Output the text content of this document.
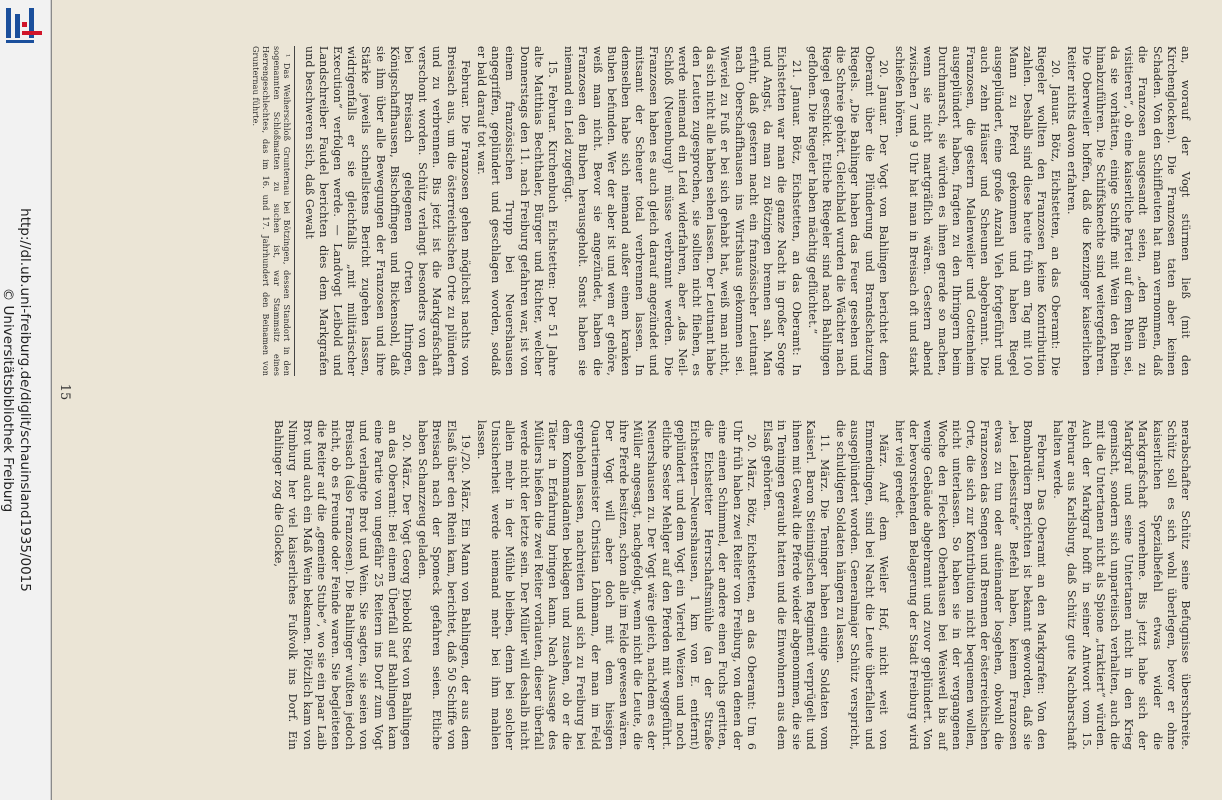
http://dl.ub.uni-freiburg.de/diglit/schauinsland1935/0015
© Universitätsbibliothek Freiburg

an, worauf der Vogt stürmen ließ (mit den Kirchenglocken). Die Franzosen taten aber keinen Schaden. Von den Schiffleuten hat man vernommen, daß die Franzosen ausgesandt seien, „den Rhein zu visitieren“, ob eine kaiserliche Partei auf dem Rhein sei, da sie vorhätten, einige Schiffe mit Wein den Rhein hinabzuführen. Die Schiffsknechte sind weitergefahren. Die Oberweiler hoffen, daß die Kenzinger kaiserlichen Reiter nichts davon erfahren.

20. Januar. Bötz, Eichstetten, an das Oberamt: Die Riegeler wollten den Franzosen keine Kontribution zahlen. Deshalb sind diese heute früh am Tag mit 100 Mann zu Pferd gekommen und haben Riegel ausgeplündert, eine große Anzahl Vieh fortgeführt und auch zehn Häuser und Scheunen abgebrannt. Die Franzosen, die gestern Malenweiler und Gottenheim ausgeplündert haben, fragten zu den Ihringern beim Durchmarsch, sie würden es ihnen gerade so machen, wenn sie nicht martgräflich wären. Gestern abend zwischen 7 und 9 Uhr hat man in Breisach oft und stark schießen hören.

20. Januar. Der Vogt von Bahlingen berichtet dem Oberamt über die Plünderung und Brandschatzung Riegels. „Die Bahlinger haben das Feuer gesehen und die Schreie gehört. Gleichbald wurden die Wächter nach Riegel geschickt. Etliche Riegeler sind nach Bahlingen geflohen. Die Riegeler haben mächtig geflüchtet.“

21. Januar. Bötz, Eichstetten, an das Oberamt: In Eichstetten war man die ganze Nacht in großer Sorge und Angst, da man zu Bötzingen brennen sah. Man erfuhr, daß gestern nacht ein französischer Leutnant nach Oberschaffhausen ins Wirtshaus gekommen sei. Wieviel zu Fuß er bei sich gehabt hat, weiß man nicht, da sich nicht alle haben sehen lassen. Der Leutnant habe den Leuten zugesprochen, sie sollten nicht fliehen, es werde niemand ein Leid widerfahren, aber „das Neil-Schloß (Neuenburg)¹ müsse verbrannt werden. Die Franzosen haben es auch gleich darauf angezündet und mitsamt der Scheuer total verbrennen lassen. In demselben habe sich niemand außer einem kranken Buben befunden. Wer der aber ist und wem er gehöre, weiß man nicht. Bevor sie angezündet, haben die Franzosen den Buben herausgeholt. Sonst haben sie niemand ein Leid zugefügt.

15. Februar. Kirchenbuch Eichstetten: Der 51 Jahre alte Matthias Bechthaler, Bürger und Richter, welcher Donnerstags den 11. nach Freiburg gefahren war, ist von einem französischen Trupp bei Neuershausen angegriffen, geplündert und geschlagen worden, sodaß er bald darauf tot war.

Februar. Die Franzosen gehen möglichst nachts von Breisach aus, um die österreichischen Orte zu plündern und zu verbrennen. Bis jetzt ist die Markgrafschaft verschont worden. Schütz verlangt besonders von den bei Breisach gelegenen Orten Ihringen, Königschaffhausen, Bischoffingen und Bickensohl, daß sie ihm über alle Bewegungen der Franzosen und ihre Stärke jeweils schnellstens Bericht zugehen lassen, widrigenfalls er sie gleichfalls „mit militärischer Execution“ verfolgen werde. — Landvogt Leibold und Landschreiber Faudel berichten dies dem Markgrafen und beschweren sich, daß Gewalt

¹ Das Weiherschloß Grunternau bei Bötzingen, dessen Standort in den sogenannten Schloßmatten zu suchen ist, war Stammsitz eines Herrengeschlechtes, das im 16. und 17. Jahrhundert den Beinamen von Grunternau führte.

nerabschafter Schütz seine Befugnisse überschreite. Schütz soll es sich wohl überlegen, bevor er ohne kaiserlichen Spezialbefehl etwas wider die Markgrafschaft vornehme. Bis jetzt habe sich der Markgraf und seine Untertanen nicht in den Krieg gemischt, sondern sich unparteiisch verhalten, auch die mit die Untertanen nicht als Spione „traktiert“ würden. Auch der Markgraf hofft in seiner Antwort vom 15. Februar aus Karlsburg, daß Schütz gute Nachbarschaft halten werde.

Februar. Das Oberamt an den Markgrafen: Von den Bombardiern Berichten ist bekannt geworden, daß sie „bei Leibesstrafe“ Befehl haben, keinem Franzosen etwas zu tun oder aufeinander losgehen, obwohl die Franzosen das Sengen und Brennen der österreichischen Orte, die sich zur Kontribution nicht bequemen wollen, nicht unterlassen. So haben sie in der vergangenen Woche den Flecken Oberhausen bei Weisweil bis auf wenige Gebäude abgebrannt und zuvor geplündert. Von der bevorstehenden Belagerung der Stadt Freiburg wird hier viel geredet.

März. Auf dem Weiler Hof, nicht weit von Emmendingen, sind bei Nacht die Leute überfallen und ausgeplündert worden. Generalmajor Schütz verspricht, die schuldigen Soldaten hängen zu lassen.

11. März. Die Teninger haben einige Soldaten vom Kaiserl. Baron Steiningischen Regiment verprügelt und ihnen mit Gewalt die Pferde wieder abgenommen, die sie in Teningen geraubt hatten und die Einwohnern aus dem Elsaß gehörten.

20. März. Bötz, Eichstetten, an das Oberamt: Um 6 Uhr früh haben zwei Reiter von Freiburg, von denen der eine einen Schimmel, der andere einen Fuchs geritten, die Eichstetter Herrschaftsmühle (an der Straße Eichstetten—Neuershausen, 1 km von E. entfernt) geplündert und dem Vogt ein Viertel Weizen und noch etliche Sester Mehlger auf den Pferden mit weggeführt. Neuershausen zu. Der Vogt wäre gleich, nachdem es der Müller angesagt, nachgefolgt, wenn nicht die Leute, die ihre Pferde besitzen, schon alle im Felde gewesen wären. Der Vogt will aber doch mit dem hiesigen Quartiermeister Christian Löhmann, der man im Feld ergeholen lassen, nachreiten und sich zu Freiburg bei dem Kommandanten beklagen und zusehen, ob er die Täter in Erfahrung bringen kann. Nach Aussage des Müllers hießen die zwei Reiter vorlauten, dieser überfall werde nicht der letzte sein. Der Müller will deshalb nicht allein mehr in der Mühle bleiben, denn bei solcher Unsicherheit werde niemand mehr bei ihm mahlen lassen.

19./20. März. Ein Mann von Bahlingen, der aus dem Elsaß über den Rhein kam, berichtet, daß 50 Schiffe von Breisach nach der Sponeck gefahren seien. Etliche haben Schanzzeug geladen.

20. März. Der Vogt Georg Diebold Sted von Bahlingen an das Oberamt: Bei einem Überfall auf Bahlingen kam eine Partie von ungefähr 25 Reitern ins Dorf zum Vogt und verlangte Brot und Wein. Sie sagten, sie seien von Breisach (also Franzosen). Die Bahlinger wußten jedoch nicht, ob es Freunde oder Feinde waren. Sie begleiteten die Reiter auf die „gemeine Stube“, wo sie ein paar Laib Brot und auch ein Maß Wein bekamen. Plötzlich kam von Nimburg her viel kaiserliches Fußvolk ins Dorf. Ein Bahlinger zog die Glocke,

15
